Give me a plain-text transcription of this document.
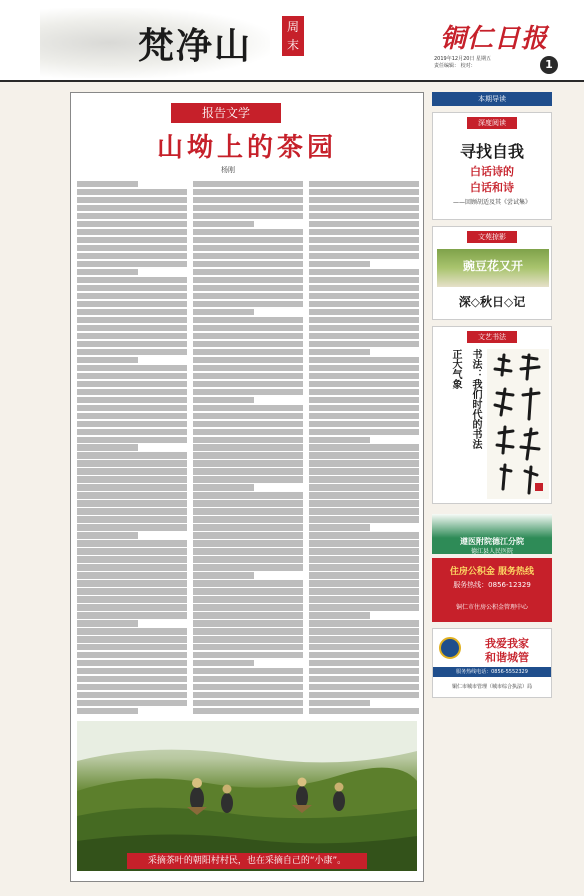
梵净山	周末	铜仁日报
2019年12月20日 星期五
责任编辑： 校对：	1
报告文学
山坳上的茶园
杨刚
采摘茶叶的朝阳村村民，也在采摘自己的“小康”。
本期导读
深度阅读
寻找自我
白话诗的
白话和诗
——回顾胡适及其《尝试集》
文苑掠影
豌豆花又开
深◇秋日◇记
文艺书法
正大气象 书法：我们时代的书法
遵医附院德江分院
德江县人民医院
住房公积金 服务热线
服务热线：0856-12329
铜仁市住房公积金管理中心
我爱我家
和谐城管
服务热线电话：0856-5552329
铜仁市城市管理（城市综合执法）局
